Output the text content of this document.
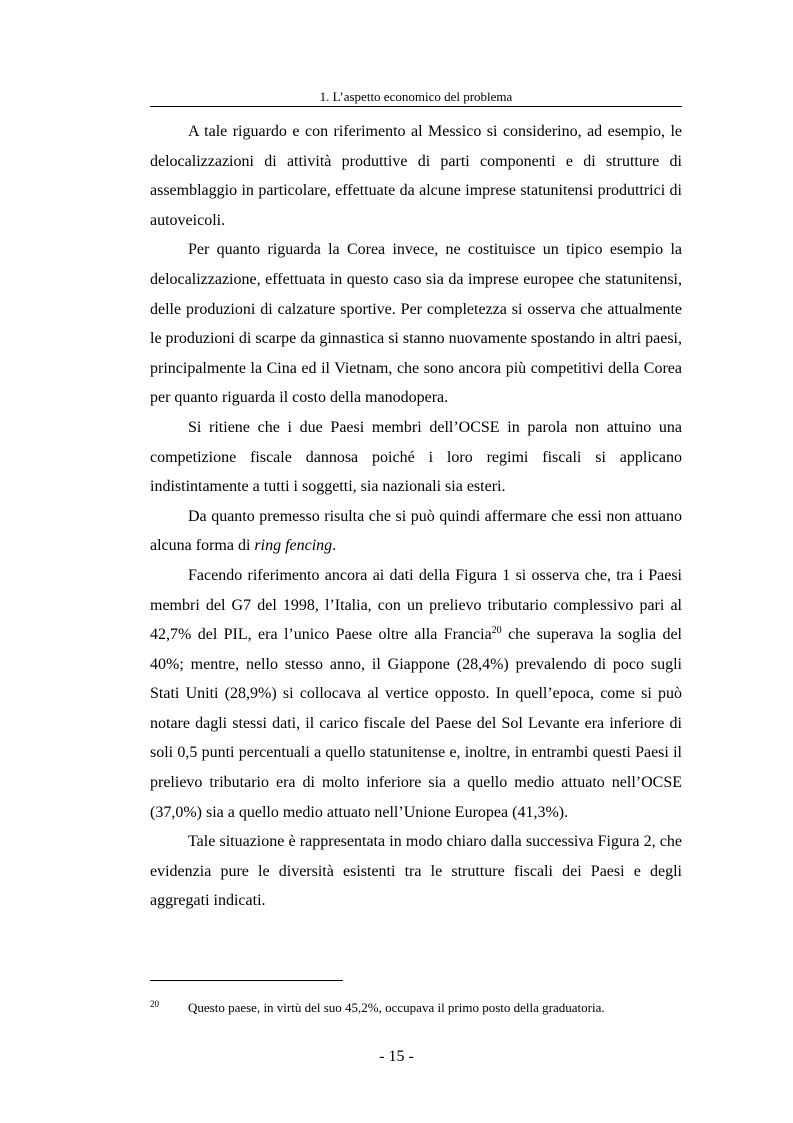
1. L’aspetto economico del problema

A tale riguardo e con riferimento al Messico si considerino, ad esempio, le delocalizzazioni di attività produttive di parti componenti e di strutture di assemblaggio in particolare, effettuate da alcune imprese statunitensi produttrici di autoveicoli.

Per quanto riguarda la Corea invece, ne costituisce un tipico esempio la delocalizzazione, effettuata in questo caso sia da imprese europee che statunitensi, delle produzioni di calzature sportive. Per completezza si osserva che attualmente le produzioni di scarpe da ginnastica si stanno nuovamente spostando in altri paesi, principalmente la Cina ed il Vietnam, che sono ancora più competitivi della Corea per quanto riguarda il costo della manodopera.

Si ritiene che i due Paesi membri dell’OCSE in parola non attuino una competizione fiscale dannosa poiché i loro regimi fiscali si applicano indistintamente a tutti i soggetti, sia nazionali sia esteri.

Da quanto premesso risulta che si può quindi affermare che essi non attuano alcuna forma di ring fencing.

Facendo riferimento ancora ai dati della Figura 1 si osserva che, tra i Paesi membri del G7 del 1998, l’Italia, con un prelievo tributario complessivo pari al 42,7% del PIL, era l’unico Paese oltre alla Francia$^{20}$ che superava la soglia del 40%; mentre, nello stesso anno, il Giappone (28,4%) prevalendo di poco sugli Stati Uniti (28,9%) si collocava al vertice opposto. In quell’epoca, come si può notare dagli stessi dati, il carico fiscale del Paese del Sol Levante era inferiore di soli 0,5 punti percentuali a quello statunitense e, inoltre, in entrambi questi Paesi il prelievo tributario era di molto inferiore sia a quello medio attuato nell’OCSE (37,0%) sia a quello medio attuato nell’Unione Europea (41,3%).

Tale situazione è rappresentata in modo chiaro dalla successiva Figura 2, che evidenzia pure le diversità esistenti tra le strutture fiscali dei Paesi e degli aggregati indicati.

20 Questo paese, in virtù del suo 45,2%, occupava il primo posto della graduatoria.
- 15 -
